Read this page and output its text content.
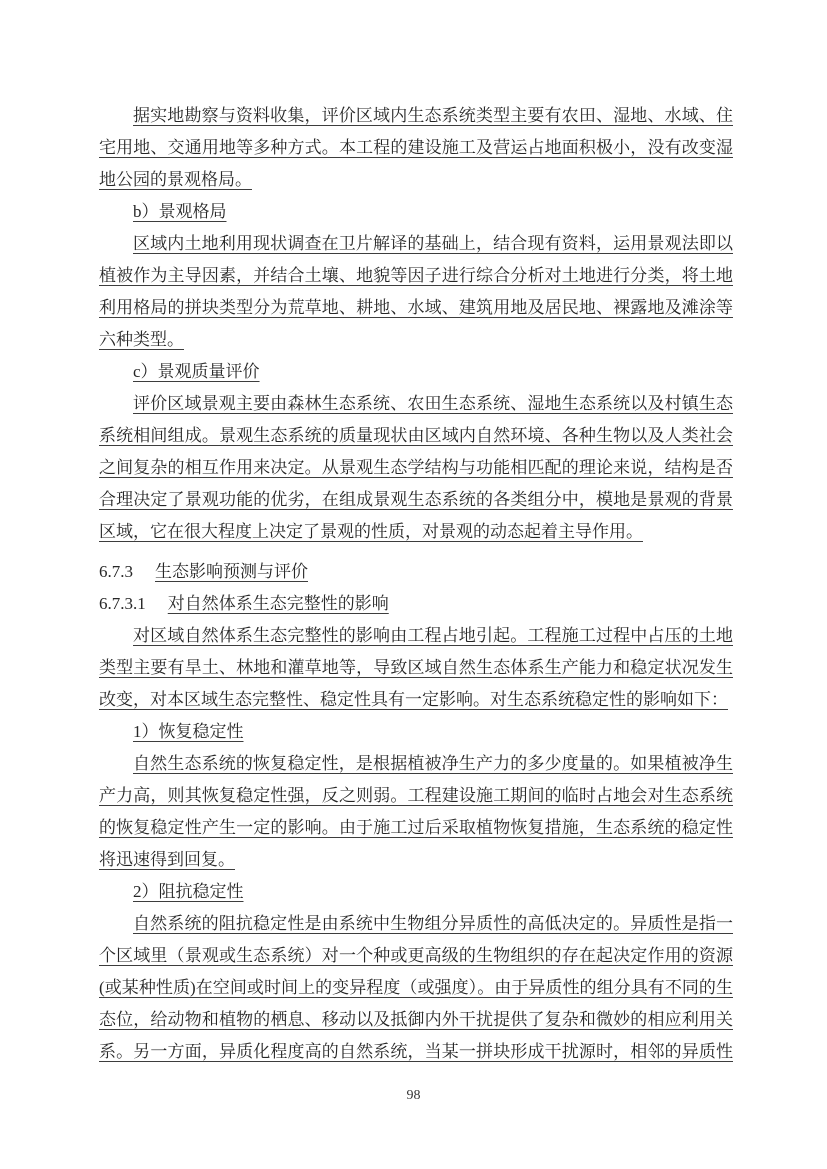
据实地勘察与资料收集，评价区域内生态系统类型主要有农田、湿地、水域、住
宅用地、交通用地等多种方式。本工程的建设施工及营运占地面积极小，没有改变湿
地公园的景观格局。
b）景观格局
区域内土地利用现状调查在卫片解译的基础上，结合现有资料，运用景观法即以
植被作为主导因素，并结合土壤、地貌等因子进行综合分析对土地进行分类，将土地
利用格局的拼块类型分为荒草地、耕地、水域、建筑用地及居民地、裸露地及滩涂等
六种类型。
c）景观质量评价
评价区域景观主要由森林生态系统、农田生态系统、湿地生态系统以及村镇生态
系统相间组成。景观生态系统的质量现状由区域内自然环境、各种生物以及人类社会
之间复杂的相互作用来决定。从景观生态学结构与功能相匹配的理论来说，结构是否
合理决定了景观功能的优劣，在组成景观生态系统的各类组分中，模地是景观的背景
区域，它在很大程度上决定了景观的性质，对景观的动态起着主导作用。
6.7.3 生态影响预测与评价
6.7.3.1 对自然体系生态完整性的影响
对区域自然体系生态完整性的影响由工程占地引起。工程施工过程中占压的土地
类型主要有旱土、林地和灌草地等，导致区域自然生态体系生产能力和稳定状况发生
改变，对本区域生态完整性、稳定性具有一定影响。对生态系统稳定性的影响如下：
1）恢复稳定性
自然生态系统的恢复稳定性，是根据植被净生产力的多少度量的。如果植被净生
产力高，则其恢复稳定性强，反之则弱。工程建设施工期间的临时占地会对生态系统
的恢复稳定性产生一定的影响。由于施工过后采取植物恢复措施，生态系统的稳定性
将迅速得到回复。
2）阻抗稳定性
自然系统的阻抗稳定性是由系统中生物组分异质性的高低决定的。异质性是指一
个区域里（景观或生态系统）对一个种或更高级的生物组织的存在起决定作用的资源
(或某种性质)在空间或时间上的变异程度（或强度）。由于异质性的组分具有不同的生
态位，给动物和植物的栖息、移动以及抵御内外干扰提供了复杂和微妙的相应利用关
系。另一方面，异质化程度高的自然系统，当某一拼块形成干扰源时，相邻的异质性
98
